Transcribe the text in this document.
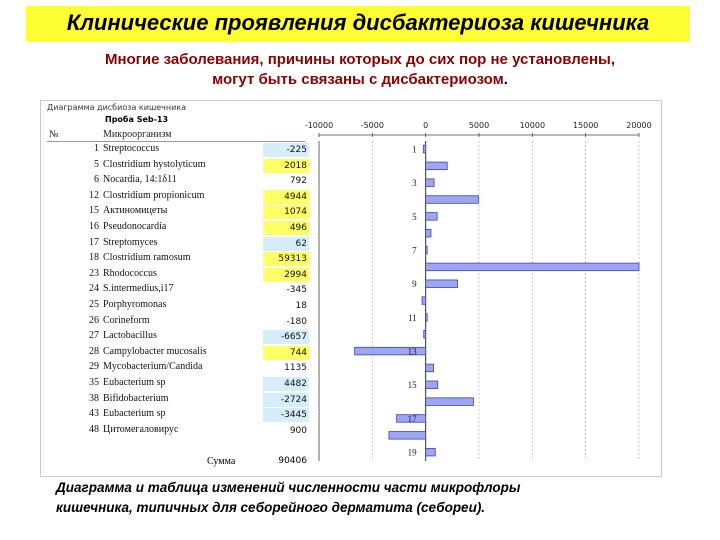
Клинические проявления дисбактериоза кишечника
Многие заболевания, причины которых до сих пор не установлены,
могут быть связаны с дисбактериозом.
Диаграмма дисбиоза кишечника
Проба Seb-13
№	Микроорганизм
1 Streptococcus	-225
5 Clostridium hystolyticum	2018
6 Nocardia, 14:1δ11	792
12 Clostridium propionicum	4944
15 Актиномицеты	1074
16 Pseudonocardia	496
17 Streptomyces	62
18 Clostridium ramosum	59313
23 Rhodococcus	2994
24 S.intermedius,i17	-345
25 Porphyromonas	18
26 Corineform	-180
27 Lactobacillus	-6657
28 Campylobacter mucosalis	744
29 Mycobacterium/Candida	1135
35 Eubacterium sp	4482
38 Bifidobacterium	-2724
43 Eubacterium sp	-3445
48 Цитомегаловирус	900
Сумма	90406
-10000	-5000	0	5000	10000	15000	20000
1
3
5
7
9
11
13
15
17
19
Диаграмма и таблица изменений численности части микрофлоры
кишечника, типичных для себорейного дерматита (себореи).
